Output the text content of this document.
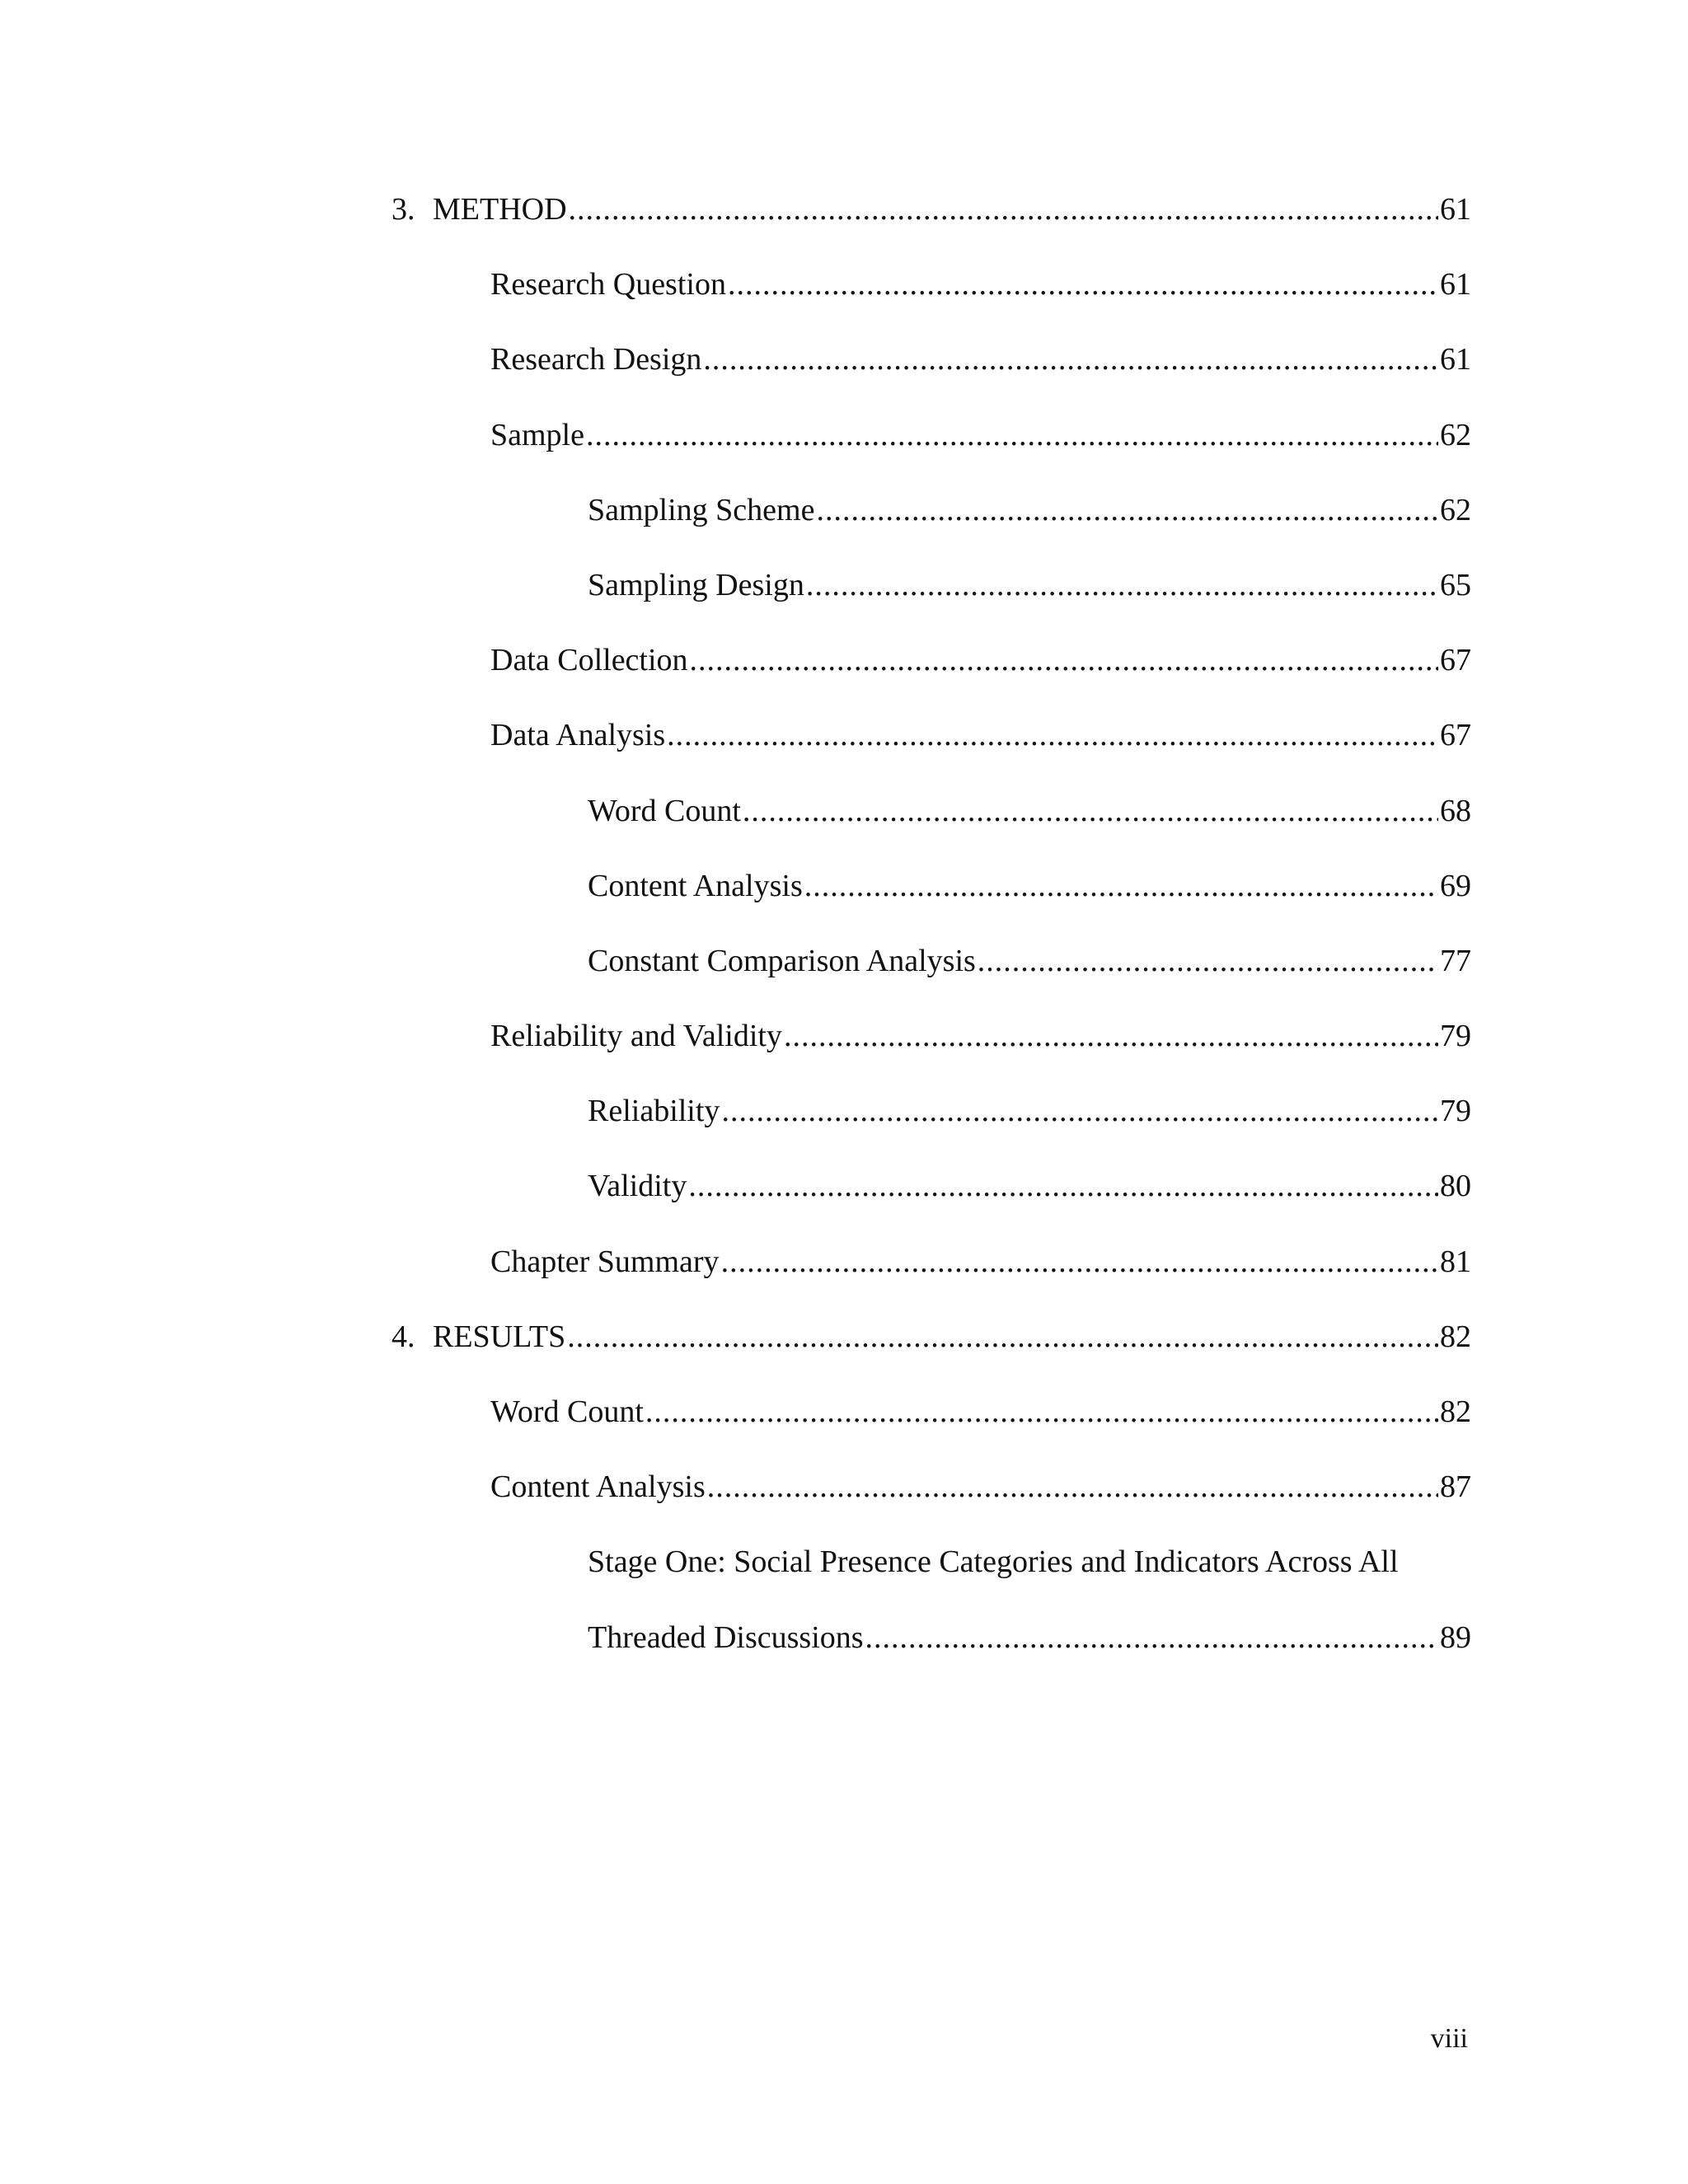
3. METHOD .....	61
Research Question .....	61
Research Design .....	61
Sample .....	62
Sampling Scheme .....	62
Sampling Design .....	65
Data Collection .....	67
Data Analysis .....	67
Word Count .....	68
Content Analysis .....	69
Constant Comparison Analysis .....	77
Reliability and Validity .....	79
Reliability .....	79
Validity .....	80
Chapter Summary .....	81
4. RESULTS .....	82
Word Count .....	82
Content Analysis .....	87
Stage One: Social Presence Categories and Indicators Across All
Threaded Discussions .....	89
viii
